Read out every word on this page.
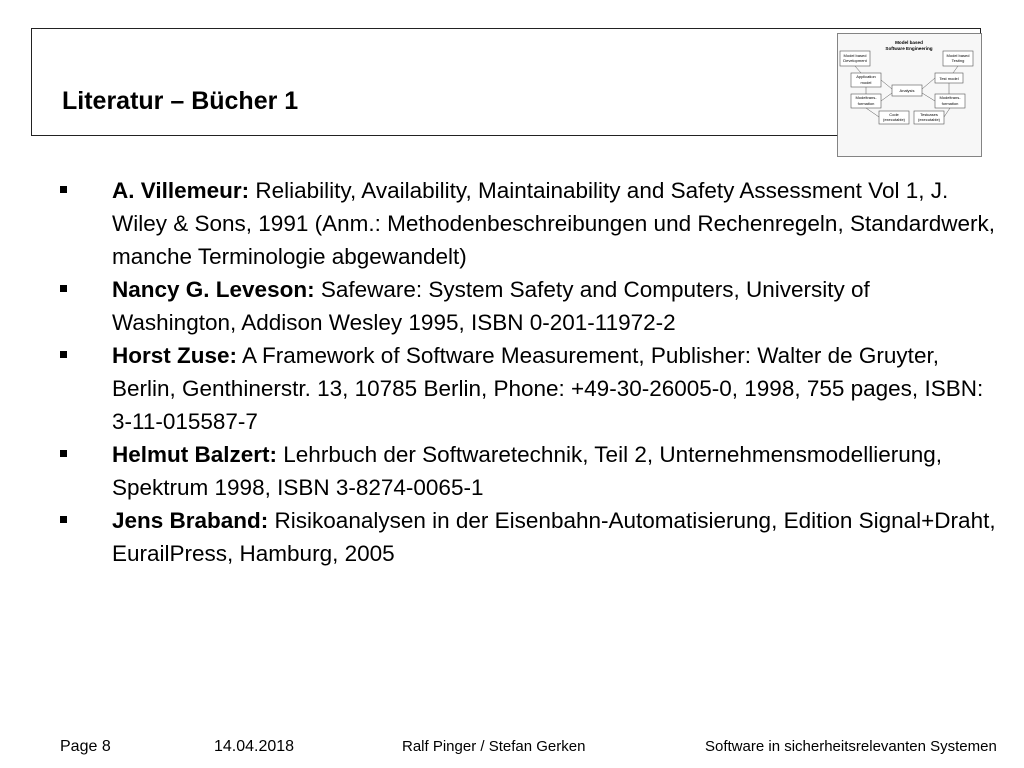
Literatur – Bücher 1
Model based
Software Engineering
Model based
Development
Model based
Testing
Application
model
Test model
Analysis
Modeltrans-
formation
Modeltrans-
formation
Code
(executable)
Testcases
(executable)
A. Villemeur: Reliability, Availability, Maintainability and Safety Assessment Vol 1, J. Wiley & Sons, 1991 (Anm.: Methodenbeschreibungen und Rechenregeln, Standardwerk, manche Terminologie abgewandelt)
Nancy G. Leveson: Safeware: System Safety and Computers, University of Washington, Addison Wesley 1995, ISBN 0-201-11972-2
Horst Zuse: A Framework of Software Measurement, Publisher: Walter de Gruyter, Berlin, Genthinerstr. 13, 10785 Berlin, Phone: +49-30-26005-0, 1998, 755 pages, ISBN: 3-11-015587-7
Helmut Balzert: Lehrbuch der Softwaretechnik, Teil 2, Unternehmensmodellierung, Spektrum 1998, ISBN 3-8274-0065-1
Jens Braband: Risikoanalysen in der Eisenbahn-Automatisierung, Edition Signal+Draht, EurailPress, Hamburg, 2005
Page 8	14.04.2018	Ralf Pinger / Stefan Gerken	Software in sicherheitsrelevanten Systemen
